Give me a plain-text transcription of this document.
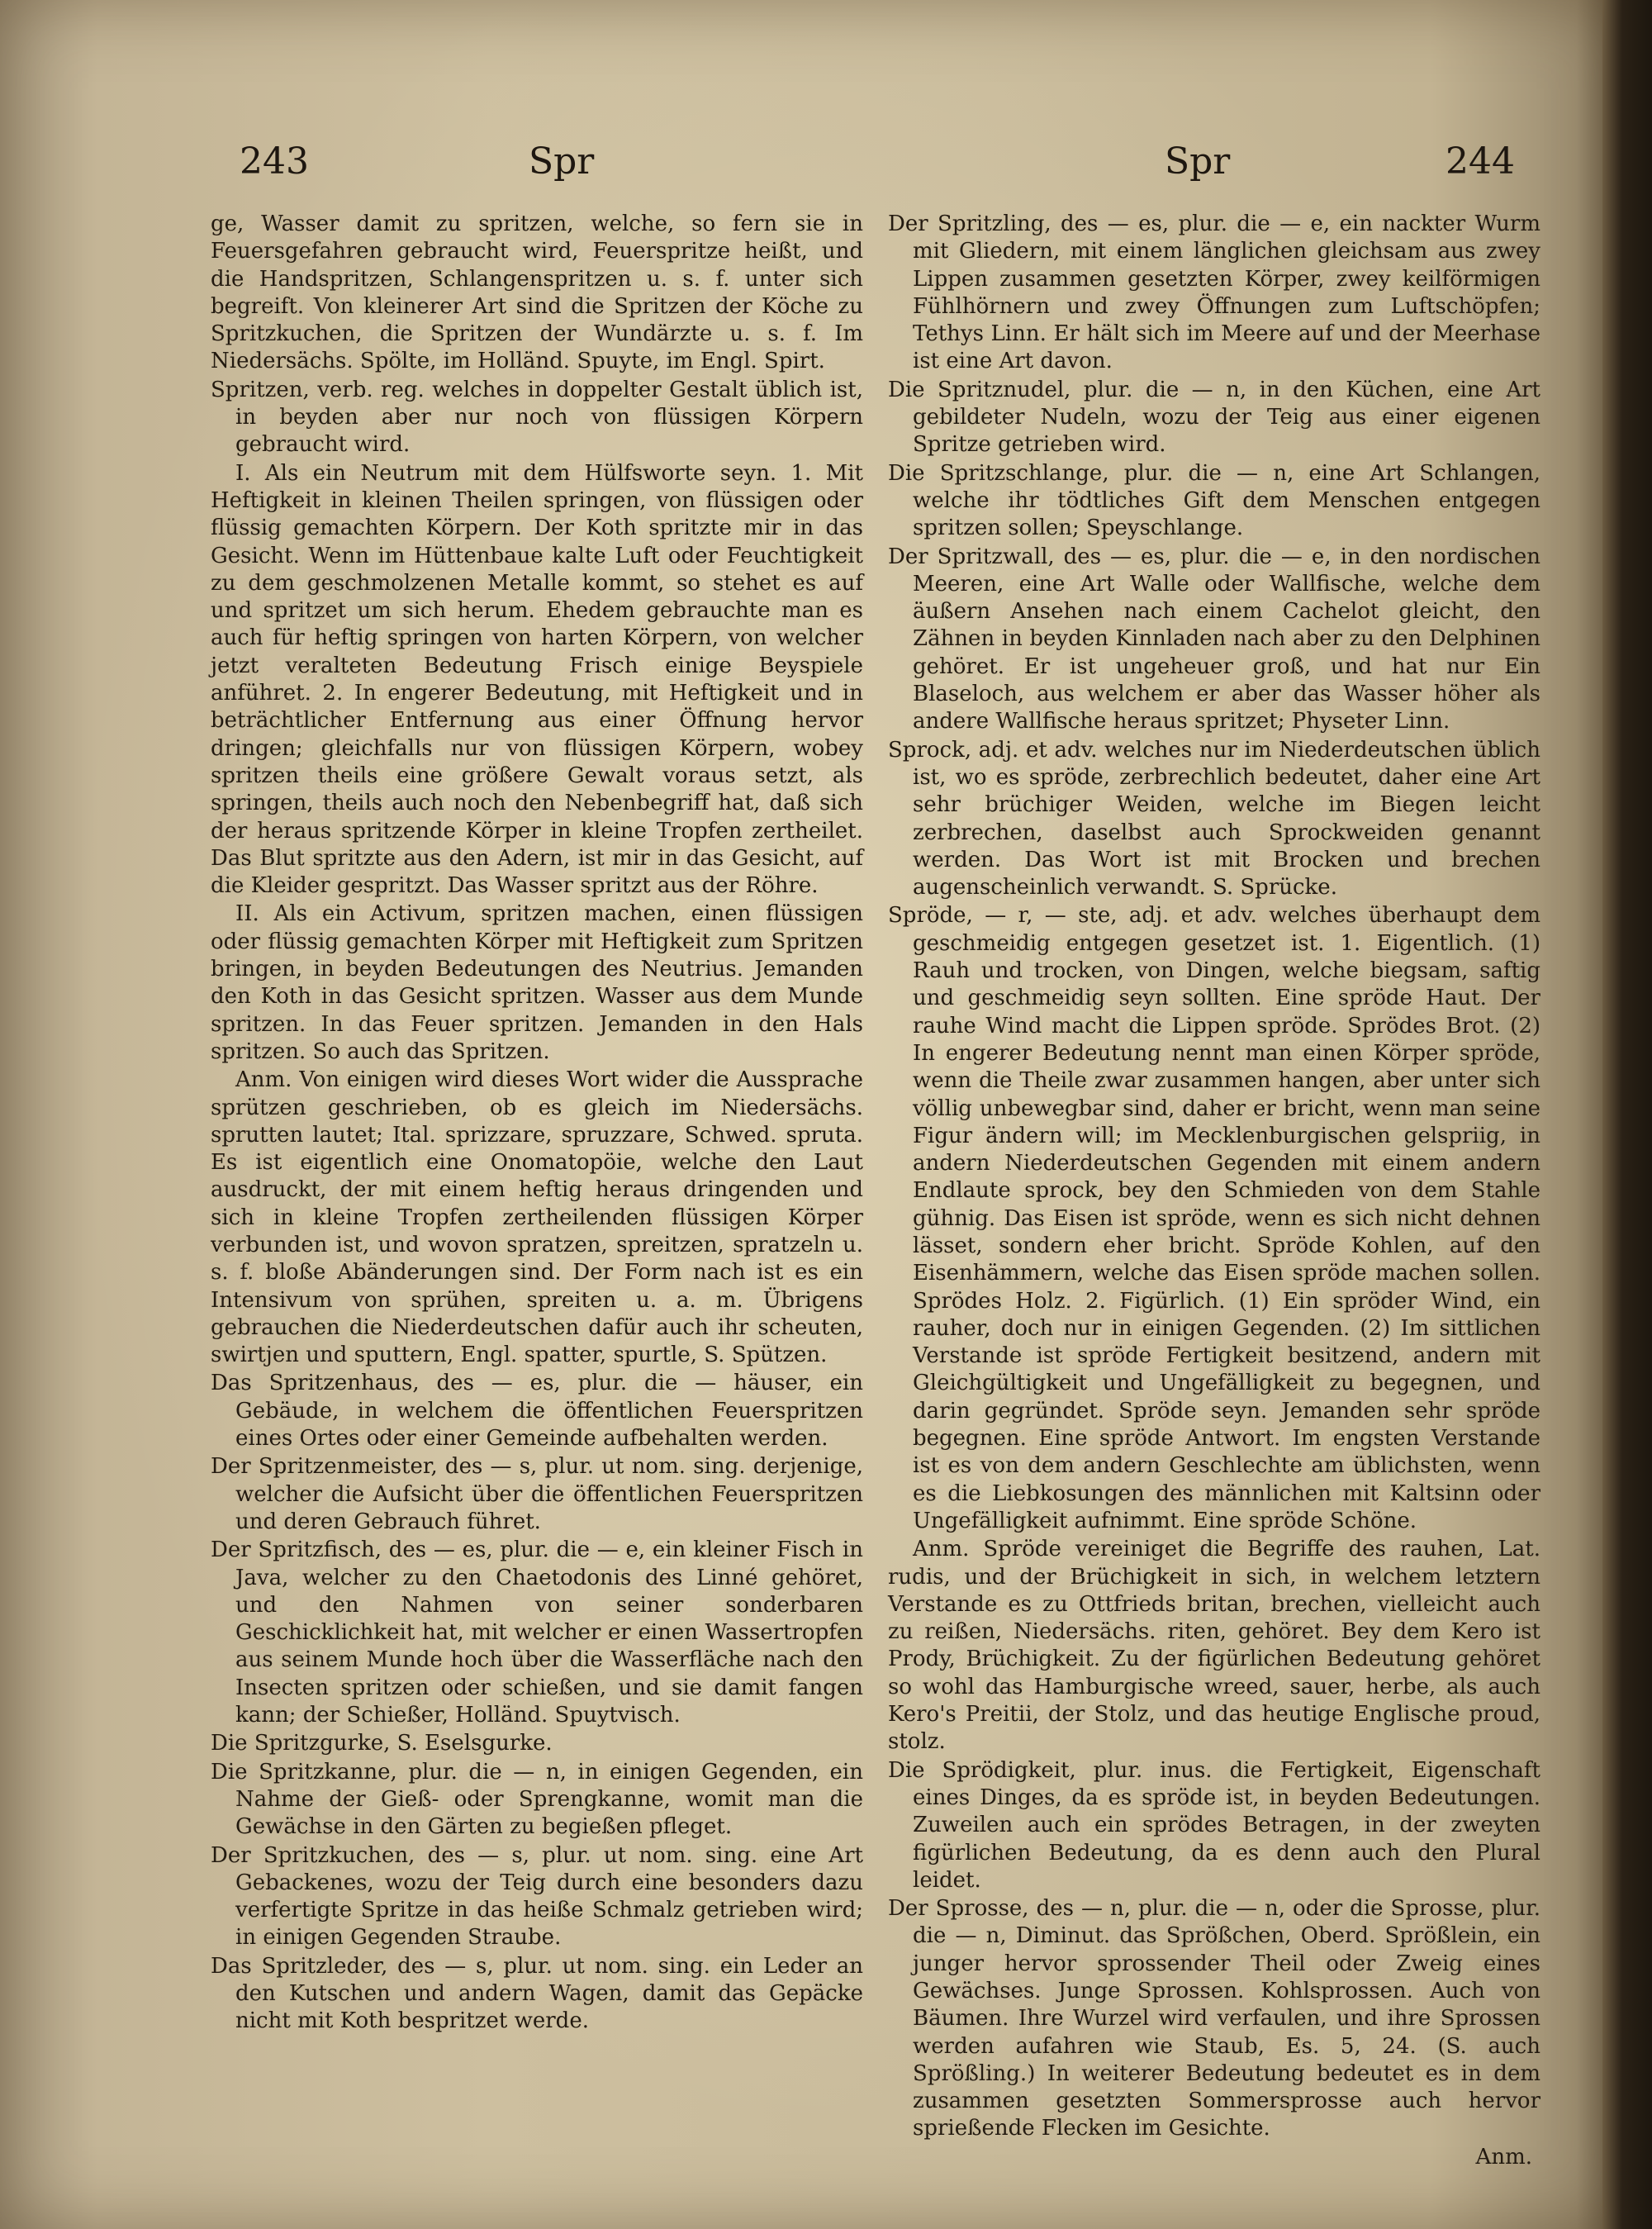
243	Spr	Spr	244

ge, Wasser damit zu spritzen, welche, so fern sie in Feuersgefahren gebraucht wird, Feuerspritze heißt, und die Handspritzen, Schlangenspritzen u. s. f. unter sich begreift. Von kleinerer Art sind die Spritzen der Köche zu Spritzkuchen, die Spritzen der Wundärzte u. s. f. Im Niedersächs. Spölte, im Holländ. Spuyte, im Engl. Spirt.

Spritzen, verb. reg. welches in doppelter Gestalt üblich ist, in beyden aber nur noch von flüssigen Körpern gebraucht wird.

I. Als ein Neutrum mit dem Hülfsworte seyn. 1. Mit Heftigkeit in kleinen Theilen springen, von flüssigen oder flüssig gemachten Körpern. Der Koth spritzte mir in das Gesicht. Wenn im Hüttenbaue kalte Luft oder Feuchtigkeit zu dem geschmolzenen Metalle kommt, so stehet es auf und spritzet um sich herum. Ehedem gebrauchte man es auch für heftig springen von harten Körpern, von welcher jetzt veralteten Bedeutung Frisch einige Beyspiele anführet. 2. In engerer Bedeutung, mit Heftigkeit und in beträchtlicher Entfernung aus einer Öffnung hervor dringen; gleichfalls nur von flüssigen Körpern, wobey spritzen theils eine größere Gewalt voraus setzt, als springen, theils auch noch den Nebenbegriff hat, daß sich der heraus spritzende Körper in kleine Tropfen zertheilet. Das Blut spritzte aus den Adern, ist mir in das Gesicht, auf die Kleider gespritzt. Das Wasser spritzt aus der Röhre.

II. Als ein Activum, spritzen machen, einen flüssigen oder flüssig gemachten Körper mit Heftigkeit zum Spritzen bringen, in beyden Bedeutungen des Neutrius. Jemanden den Koth in das Gesicht spritzen. Wasser aus dem Munde spritzen. In das Feuer spritzen. Jemanden in den Hals spritzen. So auch das Spritzen.

Anm. Von einigen wird dieses Wort wider die Aussprache sprützen geschrieben, ob es gleich im Niedersächs. sprutten lautet; Ital. sprizzare, spruzzare, Schwed. spruta. Es ist eigentlich eine Onomatopöie, welche den Laut ausdruckt, der mit einem heftig heraus dringenden und sich in kleine Tropfen zertheilenden flüssigen Körper verbunden ist, und wovon spratzen, spreitzen, spratzeln u. s. f. bloße Abänderungen sind. Der Form nach ist es ein Intensivum von sprühen, spreiten u. a. m. Übrigens gebrauchen die Niederdeutschen dafür auch ihr scheuten, swirtjen und sputtern, Engl. spatter, spurtle, S. Spützen.

Das Spritzenhaus, des — es, plur. die — häuser, ein Gebäude, in welchem die öffentlichen Feuerspritzen eines Ortes oder einer Gemeinde aufbehalten werden.

Der Spritzenmeister, des — s, plur. ut nom. sing. derjenige, welcher die Aufsicht über die öffentlichen Feuerspritzen und deren Gebrauch führet.

Der Spritzfisch, des — es, plur. die — e, ein kleiner Fisch in Java, welcher zu den Chaetodonis des Linné gehöret, und den Nahmen von seiner sonderbaren Geschicklichkeit hat, mit welcher er einen Wassertropfen aus seinem Munde hoch über die Wasserfläche nach den Insecten spritzen oder schießen, und sie damit fangen kann; der Schießer, Holländ. Spuytvisch.

Die Spritzgurke, S. Eselsgurke.

Die Spritzkanne, plur. die — n, in einigen Gegenden, ein Nahme der Gieß- oder Sprengkanne, womit man die Gewächse in den Gärten zu begießen pfleget.

Der Spritzkuchen, des — s, plur. ut nom. sing. eine Art Gebackenes, wozu der Teig durch eine besonders dazu verfertigte Spritze in das heiße Schmalz getrieben wird; in einigen Gegenden Straube.

Das Spritzleder, des — s, plur. ut nom. sing. ein Leder an den Kutschen und andern Wagen, damit das Gepäcke nicht mit Koth bespritzet werde.

Der Spritzling, des — es, plur. die — e, ein nackter Wurm mit Gliedern, mit einem länglichen gleichsam aus zwey Lippen zusammen gesetzten Körper, zwey keilförmigen Fühlhörnern und zwey Öffnungen zum Luftschöpfen; Tethys Linn. Er hält sich im Meere auf und der Meerhase ist eine Art davon.

Die Spritznudel, plur. die — n, in den Küchen, eine Art gebildeter Nudeln, wozu der Teig aus einer eigenen Spritze getrieben wird.

Die Spritzschlange, plur. die — n, eine Art Schlangen, welche ihr tödtliches Gift dem Menschen entgegen spritzen sollen; Speyschlange.

Der Spritzwall, des — es, plur. die — e, in den nordischen Meeren, eine Art Walle oder Wallfische, welche dem äußern Ansehen nach einem Cachelot gleicht, den Zähnen in beyden Kinnladen nach aber zu den Delphinen gehöret. Er ist ungeheuer groß, und hat nur Ein Blaseloch, aus welchem er aber das Wasser höher als andere Wallfische heraus spritzet; Physeter Linn.

Sprock, adj. et adv. welches nur im Niederdeutschen üblich ist, wo es spröde, zerbrechlich bedeutet, daher eine Art sehr brüchiger Weiden, welche im Biegen leicht zerbrechen, daselbst auch Sprockweiden genannt werden. Das Wort ist mit Brocken und brechen augenscheinlich verwandt. S. Sprücke.

Spröde, — r, — ste, adj. et adv. welches überhaupt dem geschmeidig entgegen gesetzet ist. 1. Eigentlich. (1) Rauh und trocken, von Dingen, welche biegsam, saftig und geschmeidig seyn sollten. Eine spröde Haut. Der rauhe Wind macht die Lippen spröde. Sprödes Brot. (2) In engerer Bedeutung nennt man einen Körper spröde, wenn die Theile zwar zusammen hangen, aber unter sich völlig unbewegbar sind, daher er bricht, wenn man seine Figur ändern will; im Mecklenburgischen gelspriig, in andern Niederdeutschen Gegenden mit einem andern Endlaute sprock, bey den Schmieden von dem Stahle gühnig. Das Eisen ist spröde, wenn es sich nicht dehnen lässet, sondern eher bricht. Spröde Kohlen, auf den Eisenhämmern, welche das Eisen spröde machen sollen. Sprödes Holz. 2. Figürlich. (1) Ein spröder Wind, ein rauher, doch nur in einigen Gegenden. (2) Im sittlichen Verstande ist spröde Fertigkeit besitzend, andern mit Gleichgültigkeit und Ungefälligkeit zu begegnen, und darin gegründet. Spröde seyn. Jemanden sehr spröde begegnen. Eine spröde Antwort. Im engsten Verstande ist es von dem andern Geschlechte am üblichsten, wenn es die Liebkosungen des männlichen mit Kaltsinn oder Ungefälligkeit aufnimmt. Eine spröde Schöne.

Anm. Spröde vereiniget die Begriffe des rauhen, Lat. rudis, und der Brüchigkeit in sich, in welchem letztern Verstande es zu Ottfrieds britan, brechen, vielleicht auch zu reißen, Niedersächs. riten, gehöret. Bey dem Kero ist Prody, Brüchigkeit. Zu der figürlichen Bedeutung gehöret so wohl das Hamburgische wreed, sauer, herbe, als auch Kero's Preitii, der Stolz, und das heutige Englische proud, stolz.

Die Sprödigkeit, plur. inus. die Fertigkeit, Eigenschaft eines Dinges, da es spröde ist, in beyden Bedeutungen. Zuweilen auch ein sprödes Betragen, in der zweyten figürlichen Bedeutung, da es denn auch den Plural leidet.

Der Sprosse, des — n, plur. die — n, oder die Sprosse, plur. die — n, Diminut. das Sprößchen, Oberd. Sprößlein, ein junger hervor sprossender Theil oder Zweig eines Gewächses. Junge Sprossen. Kohlsprossen. Auch von Bäumen. Ihre Wurzel wird verfaulen, und ihre Sprossen werden aufahren wie Staub, Es. 5, 24. (S. auch Sprößling.) In weiterer Bedeutung bedeutet es in dem zusammen gesetzten Sommersprosse auch hervor sprießende Flecken im Gesichte.

Anm.
